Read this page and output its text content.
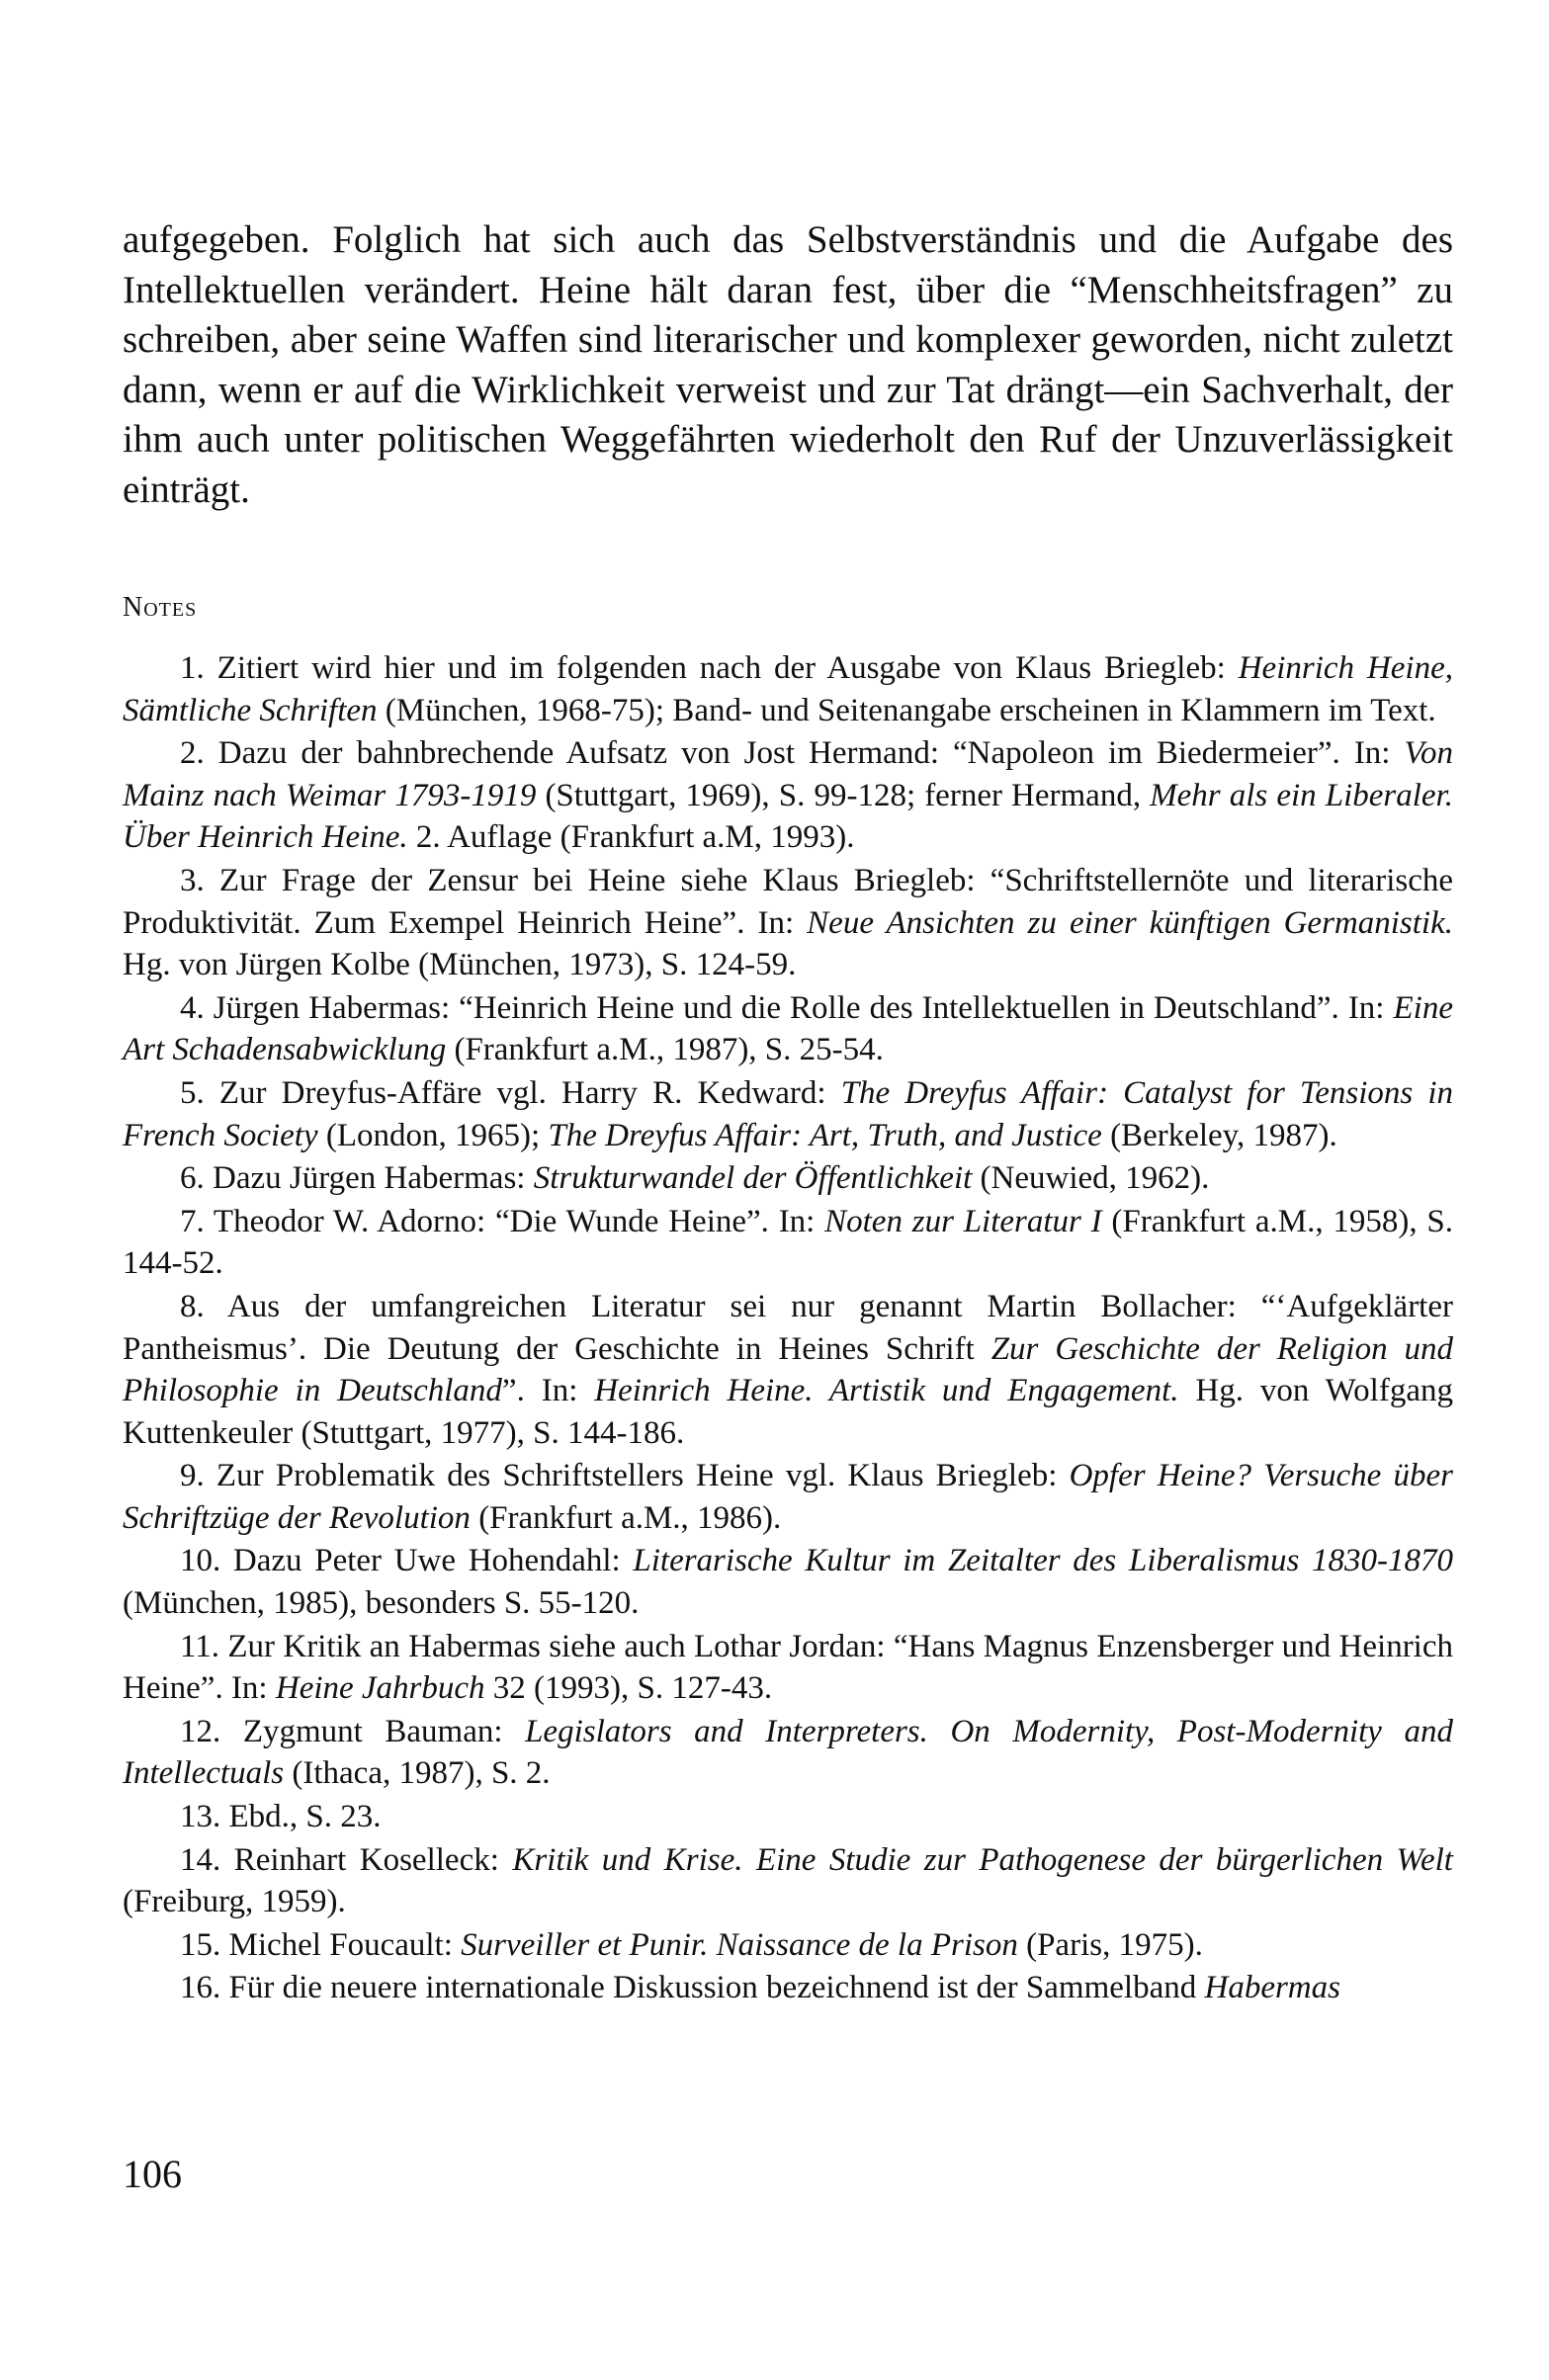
aufgegeben. Folglich hat sich auch das Selbstverständnis und die Aufgabe des Intellektuellen verändert. Heine hält daran fest, über die “Menschheitsfragen” zu schreiben, aber seine Waffen sind literarischer und komplexer geworden, nicht zuletzt dann, wenn er auf die Wirklichkeit verweist und zur Tat drängt—ein Sachverhalt, der ihm auch unter politischen Weggefährten wiederholt den Ruf der Unzuverlässigkeit einträgt.

Notes

1. Zitiert wird hier und im folgenden nach der Ausgabe von Klaus Briegleb: Heinrich Heine, Sämtliche Schriften (München, 1968-75); Band- und Seitenangabe erscheinen in Klammern im Text.

2. Dazu der bahnbrechende Aufsatz von Jost Hermand: “Napoleon im Biedermeier”. In: Von Mainz nach Weimar 1793-1919 (Stuttgart, 1969), S. 99-128; ferner Hermand, Mehr als ein Liberaler. Über Heinrich Heine. 2. Auflage (Frankfurt a.M, 1993).

3. Zur Frage der Zensur bei Heine siehe Klaus Briegleb: “Schriftstellernöte und literarische Produktivität. Zum Exempel Heinrich Heine”. In: Neue Ansichten zu einer künftigen Germanistik. Hg. von Jürgen Kolbe (München, 1973), S. 124-59.

4. Jürgen Habermas: “Heinrich Heine und die Rolle des Intellektuellen in Deutschland”. In: Eine Art Schadensabwicklung (Frankfurt a.M., 1987), S. 25-54.

5. Zur Dreyfus-Affäre vgl. Harry R. Kedward: The Dreyfus Affair: Catalyst for Tensions in French Society (London, 1965); The Dreyfus Affair: Art, Truth, and Justice (Berkeley, 1987).

6. Dazu Jürgen Habermas: Strukturwandel der Öffentlichkeit (Neuwied, 1962).

7. Theodor W. Adorno: “Die Wunde Heine”. In: Noten zur Literatur I (Frankfurt a.M., 1958), S. 144-52.

8. Aus der umfangreichen Literatur sei nur genannt Martin Bollacher: “‘Aufgeklärter Pantheismus’. Die Deutung der Geschichte in Heines Schrift Zur Geschichte der Religion und Philosophie in Deutschland”. In: Heinrich Heine. Artistik und Engagement. Hg. von Wolfgang Kuttenkeuler (Stuttgart, 1977), S. 144-186.

9. Zur Problematik des Schriftstellers Heine vgl. Klaus Briegleb: Opfer Heine? Versuche über Schriftzüge der Revolution (Frankfurt a.M., 1986).

10. Dazu Peter Uwe Hohendahl: Literarische Kultur im Zeitalter des Liberalismus 1830-1870 (München, 1985), besonders S. 55-120.

11. Zur Kritik an Habermas siehe auch Lothar Jordan: “Hans Magnus Enzensberger und Heinrich Heine”. In: Heine Jahrbuch 32 (1993), S. 127-43.

12. Zygmunt Bauman: Legislators and Interpreters. On Modernity, Post-Modernity and Intellectuals (Ithaca, 1987), S. 2.

13. Ebd., S. 23.

14. Reinhart Koselleck: Kritik und Krise. Eine Studie zur Pathogenese der bürgerlichen Welt (Freiburg, 1959).

15. Michel Foucault: Surveiller et Punir. Naissance de la Prison (Paris, 1975).

16. Für die neuere internationale Diskussion bezeichnend ist der Sammelband Habermas

106
